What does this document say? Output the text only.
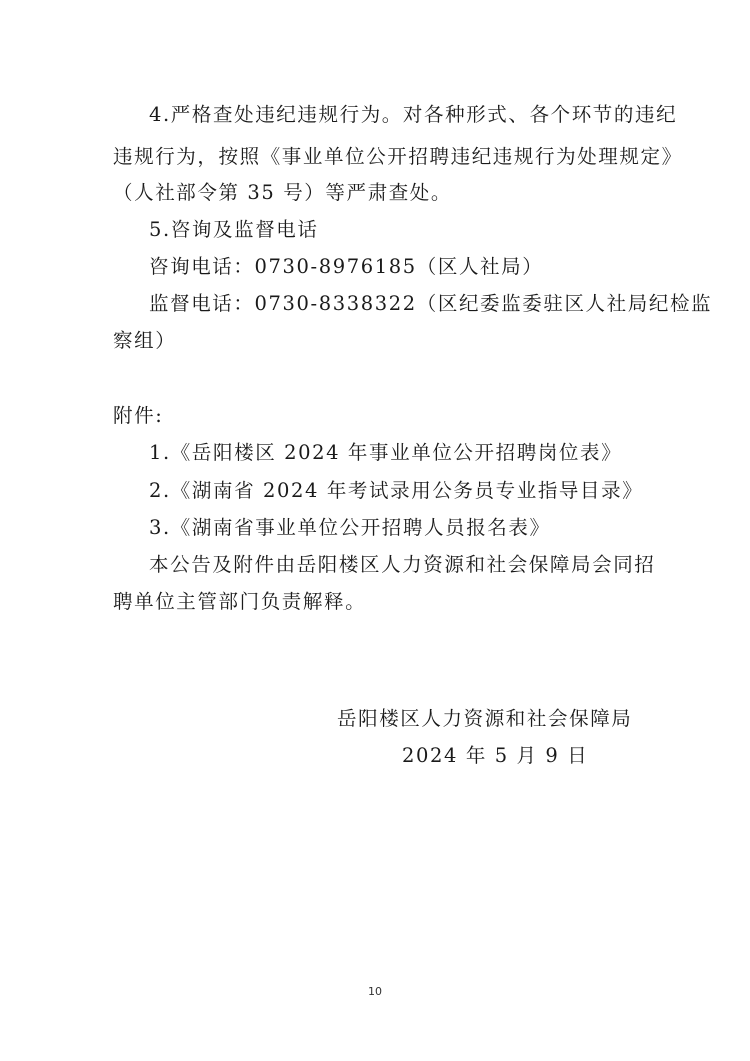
4.严格查处违纪违规行为。对各种形式、各个环节的违纪
违规行为，按照《事业单位公开招聘违纪违规行为处理规定》
（人社部令第 35 号）等严肃查处。
5.咨询及监督电话
咨询电话：0730-8976185（区人社局）
监督电话：0730-8338322（区纪委监委驻区人社局纪检监
察组）
附件:
1.《岳阳楼区 2024 年事业单位公开招聘岗位表》
2.《湖南省 2024 年考试录用公务员专业指导目录》
3.《湖南省事业单位公开招聘人员报名表》
本公告及附件由岳阳楼区人力资源和社会保障局会同招
聘单位主管部门负责解释。
岳阳楼区人力资源和社会保障局
2024 年 5 月 9 日
10
